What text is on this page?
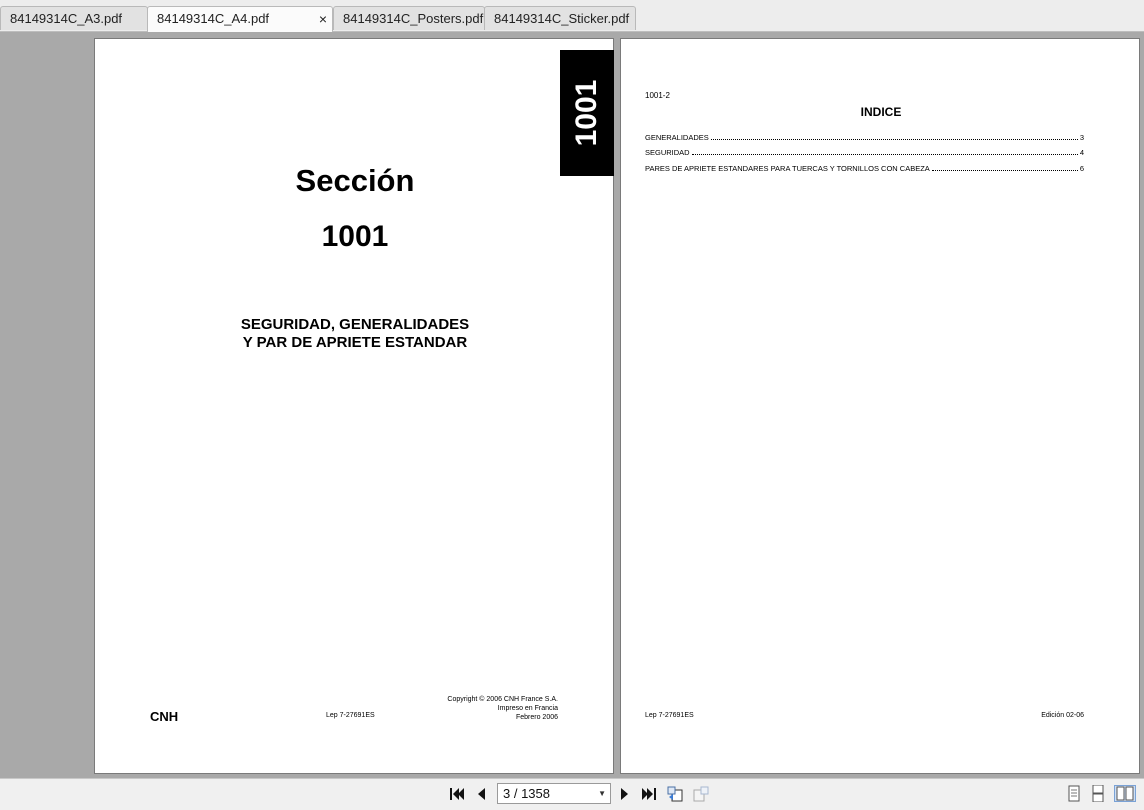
84149314C_A3.pdf	84149314C_A4.pdf	×	84149314C_Posters.pdf 84149314C_Sticker.pdf
1001
Sección
1001
SEGURIDAD, GENERALIDADES
Y PAR DE APRIETE ESTANDAR
CNH	Lep 7-27691ES
Copyright © 2006 CNH France S.A.
Impreso en Francia
Febrero 2006
1001-2
INDICE
GENERALIDADES	3
SEGURIDAD	4
PARES DE APRIETE ESTANDARES PARA TUERCAS Y TORNILLOS CON CABEZA	6
Lep 7-27691ES	Edición 02-06
3 / 1358	▼
